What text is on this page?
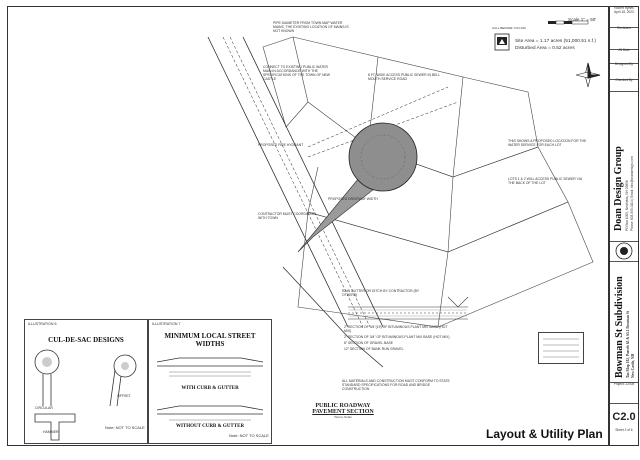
PIPE DIAMETER FROM TOWN MAP WATER MAINS, THE EXISTING LOCATION OF MAINS IS NOT KNOWN
CONNECT TO EXISTING PUBLIC WATER MAIN IN ACCORDANCE WITH THE SPECIFICATIONS OF THE TOWN OF NEW CASTLE
8 FT. WIDE ACCESS PUBLIC SEWER IN BELL MOUTH SERVICE ROAD
PROPOSED FIRE HYDRANT
THIS SHOWS A PROPOSED LOCATION FOR THE WATER SERVICE FOR EACH LOT
LOTS 1 & 2 WILL ACCESS PUBLIC SEWER VIA THE BACK OF THE LOT
CONTRACTOR MUST COORDINATE WITH TOWN
PROPOSED DRIVEWAY WIDTH
RAIN GUTTER OR DITCH BY CONTRACTOR (BY OTHERS)
ALL MATERIALS AND CONSTRUCTION MUST CONFORM TO STATE STANDARD SPECIFICATIONS FOR ROAD AND BRIDGE CONSTRUCTION
CALL BEFORE YOU DIG
Scale 1" = 50'
Site Area = 1.17 acres (51,000.51 s.f.)
Disturbed Area = 0.52 acres
2" SECTION OF 3/4"(19) OF BITUMINOUS PLANT MIX BASE (HOT MIX)
2" SECTION OF 3/4" OF BITUMINOUS PLANT MIX BASE (HOT MIX)
8" SECTION OF GRAVEL BASE
12" SECTION OF BANK RUN GRAVEL
PUBLIC ROADWAY
PAVEMENT SECTION
Not to Scale
Layout & Utility Plan
ILLUSTRATION 6
CUL-DE-SAC DESIGNS
CIRCULAR
OFFSET
HAMMER
Note: NOT TO SCALE
ILLUSTRATION 7
MINIMUM LOCAL STREET WIDTHS
WITH CURB & GUTTER
WITHOUT CURB & GUTTER
Note: NOT TO SCALE
Robert Hynes
April 18, 2023
Revisions
JN Date
Designed By
Checked By
Doan Design Group PO Box 1005, Newfields, NH 03856 Phone: 603-555-0114 | Email: info@doandesign.com
Bowman St Subdivision Tax Map 102, Parcels 65 & 65.1 Bowman St New Castle, NH
Project: 22005
C2.0
Sheet 2 of 6
